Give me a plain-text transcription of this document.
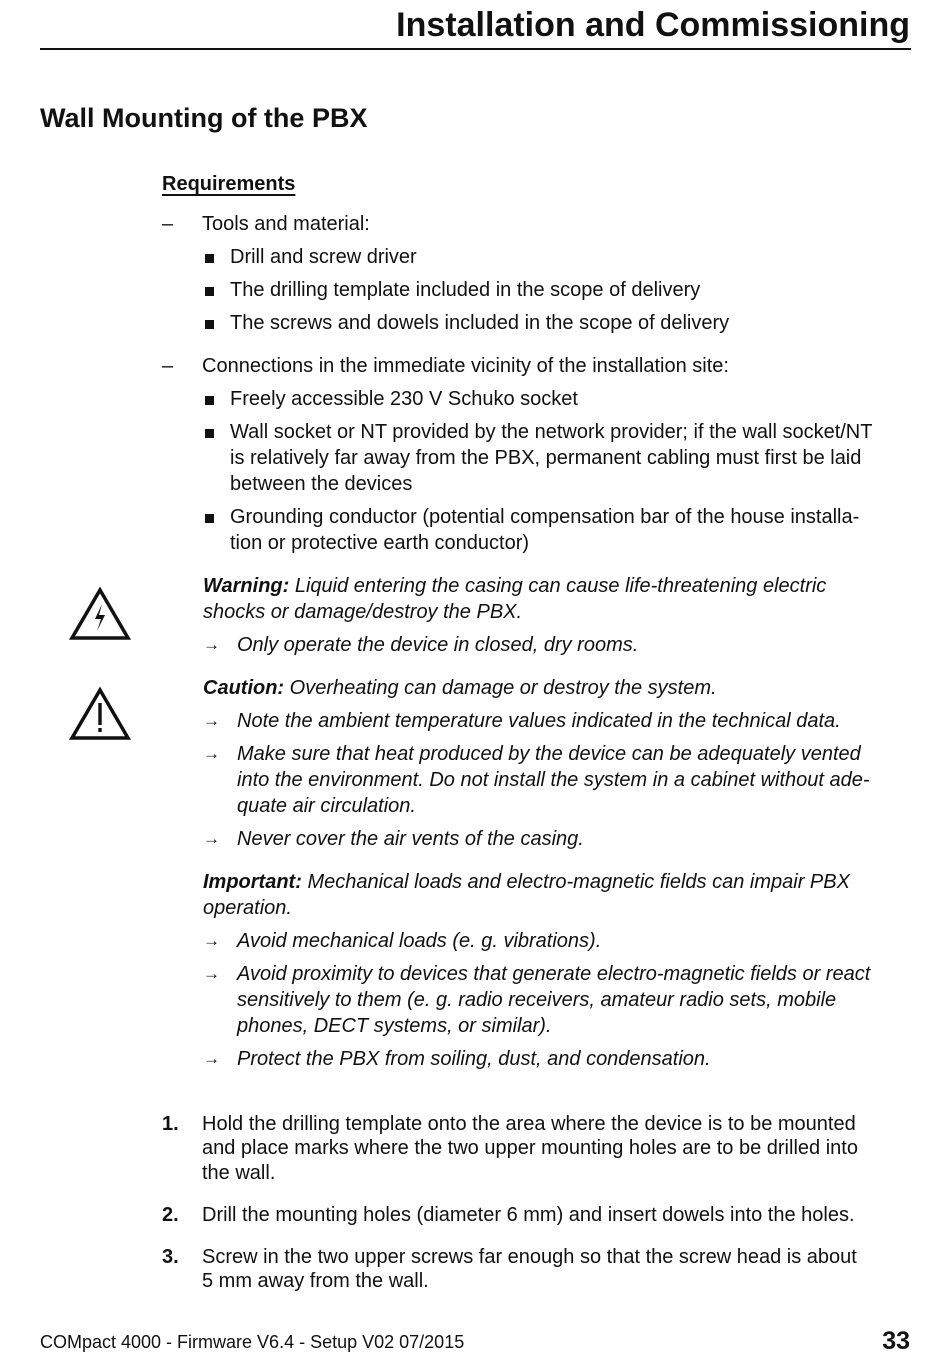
Installation and Commissioning
Wall Mounting of the PBX
Requirements
– Tools and material:
Drill and screw driver
The drilling template included in the scope of delivery
The screws and dowels included in the scope of delivery
– Connections in the immediate vicinity of the installation site:
Freely accessible 230 V Schuko socket
Wall socket or NT provided by the network provider; if the wall socket/NT
is relatively far away from the PBX, permanent cabling must first be laid
between the devices
Grounding conductor (potential compensation bar of the house installa-
tion or protective earth conductor)
Warning: Liquid entering the casing can cause life-threatening electric
shocks or damage/destroy the PBX.
→ Only operate the device in closed, dry rooms.
Caution: Overheating can damage or destroy the system.
→ Note the ambient temperature values indicated in the technical data.
→ Make sure that heat produced by the device can be adequately vented
into the environment. Do not install the system in a cabinet without ade-
quate air circulation.
→ Never cover the air vents of the casing.
Important: Mechanical loads and electro-magnetic fields can impair PBX
operation.
→ Avoid mechanical loads (e. g. vibrations).
→ Avoid proximity to devices that generate electro-magnetic fields or react
sensitively to them (e. g. radio receivers, amateur radio sets, mobile
phones, DECT systems, or similar).
→ Protect the PBX from soiling, dust, and condensation.
1. Hold the drilling template onto the area where the device is to be mounted
and place marks where the two upper mounting holes are to be drilled into
the wall.
2. Drill the mounting holes (diameter 6 mm) and insert dowels into the holes.
3. Screw in the two upper screws far enough so that the screw head is about
5 mm away from the wall.
COMpact 4000 - Firmware V6.4 - Setup V02 07/2015	33
